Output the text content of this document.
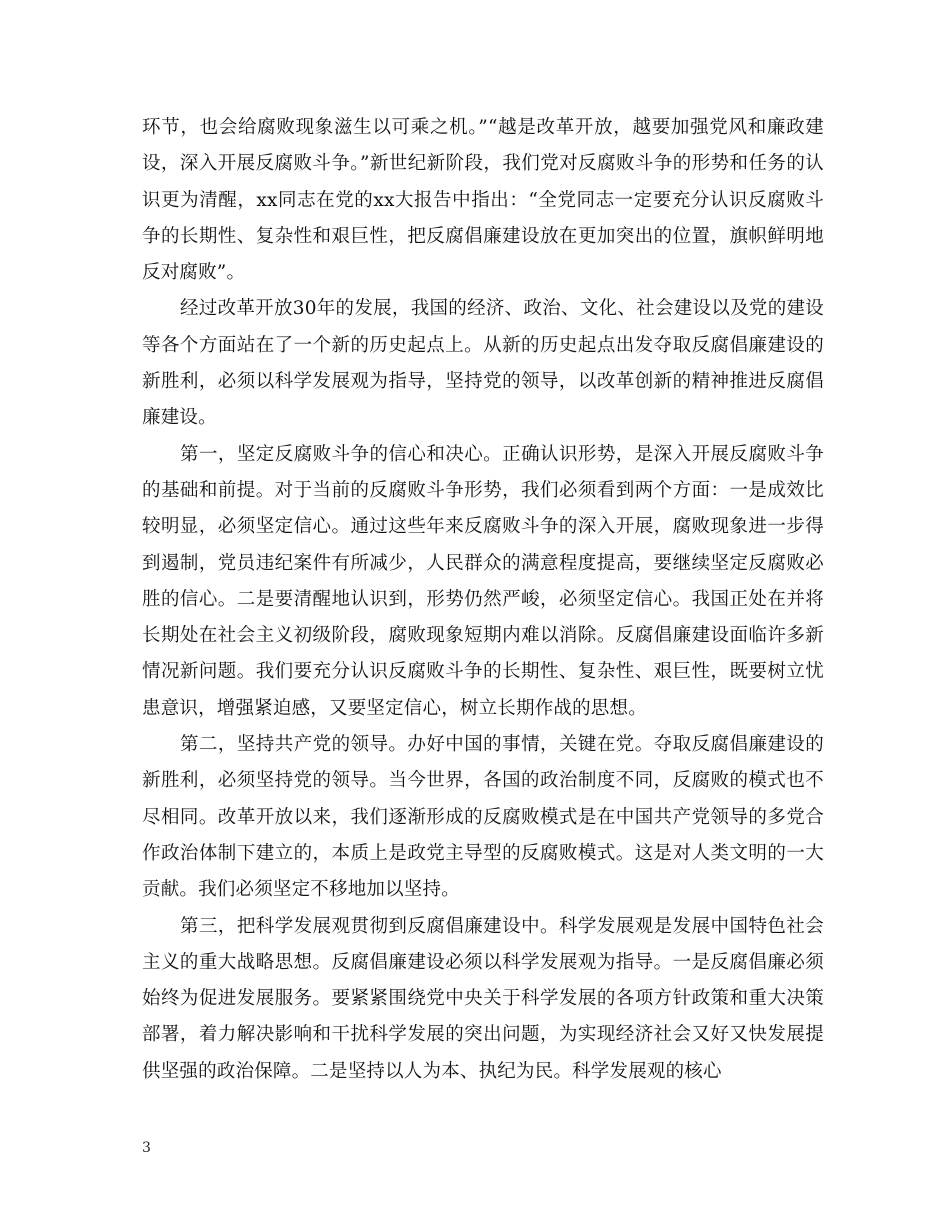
环节，也会给腐败现象滋生以可乘之机。”“越是改革开放，越要加强党风和廉政建设，深入开展反腐败斗争。”新世纪新阶段，我们党对反腐败斗争的形势和任务的认识更为清醒，xx同志在党的xx大报告中指出：“全党同志一定要充分认识反腐败斗争的长期性、复杂性和艰巨性，把反腐倡廉建设放在更加突出的位置，旗帜鲜明地反对腐败”。

经过改革开放30年的发展，我国的经济、政治、文化、社会建设以及党的建设等各个方面站在了一个新的历史起点上。从新的历史起点出发夺取反腐倡廉建设的新胜利，必须以科学发展观为指导，坚持党的领导，以改革创新的精神推进反腐倡廉建设。

第一，坚定反腐败斗争的信心和决心。正确认识形势，是深入开展反腐败斗争的基础和前提。对于当前的反腐败斗争形势，我们必须看到两个方面：一是成效比较明显，必须坚定信心。通过这些年来反腐败斗争的深入开展，腐败现象进一步得到遏制，党员违纪案件有所减少，人民群众的满意程度提高，要继续坚定反腐败必胜的信心。二是要清醒地认识到，形势仍然严峻，必须坚定信心。我国正处在并将长期处在社会主义初级阶段，腐败现象短期内难以消除。反腐倡廉建设面临许多新情况新问题。我们要充分认识反腐败斗争的长期性、复杂性、艰巨性，既要树立忧患意识，增强紧迫感，又要坚定信心，树立长期作战的思想。

第二，坚持共产党的领导。办好中国的事情，关键在党。夺取反腐倡廉建设的新胜利，必须坚持党的领导。当今世界，各国的政治制度不同，反腐败的模式也不尽相同。改革开放以来，我们逐渐形成的反腐败模式是在中国共产党领导的多党合作政治体制下建立的，本质上是政党主导型的反腐败模式。这是对人类文明的一大贡献。我们必须坚定不移地加以坚持。

第三，把科学发展观贯彻到反腐倡廉建设中。科学发展观是发展中国特色社会主义的重大战略思想。反腐倡廉建设必须以科学发展观为指导。一是反腐倡廉必须始终为促进发展服务。要紧紧围绕党中央关于科学发展的各项方针政策和重大决策部署，着力解决影响和干扰科学发展的突出问题，为实现经济社会又好又快发展提供坚强的政治保障。二是坚持以人为本、执纪为民。科学发展观的核心

3
